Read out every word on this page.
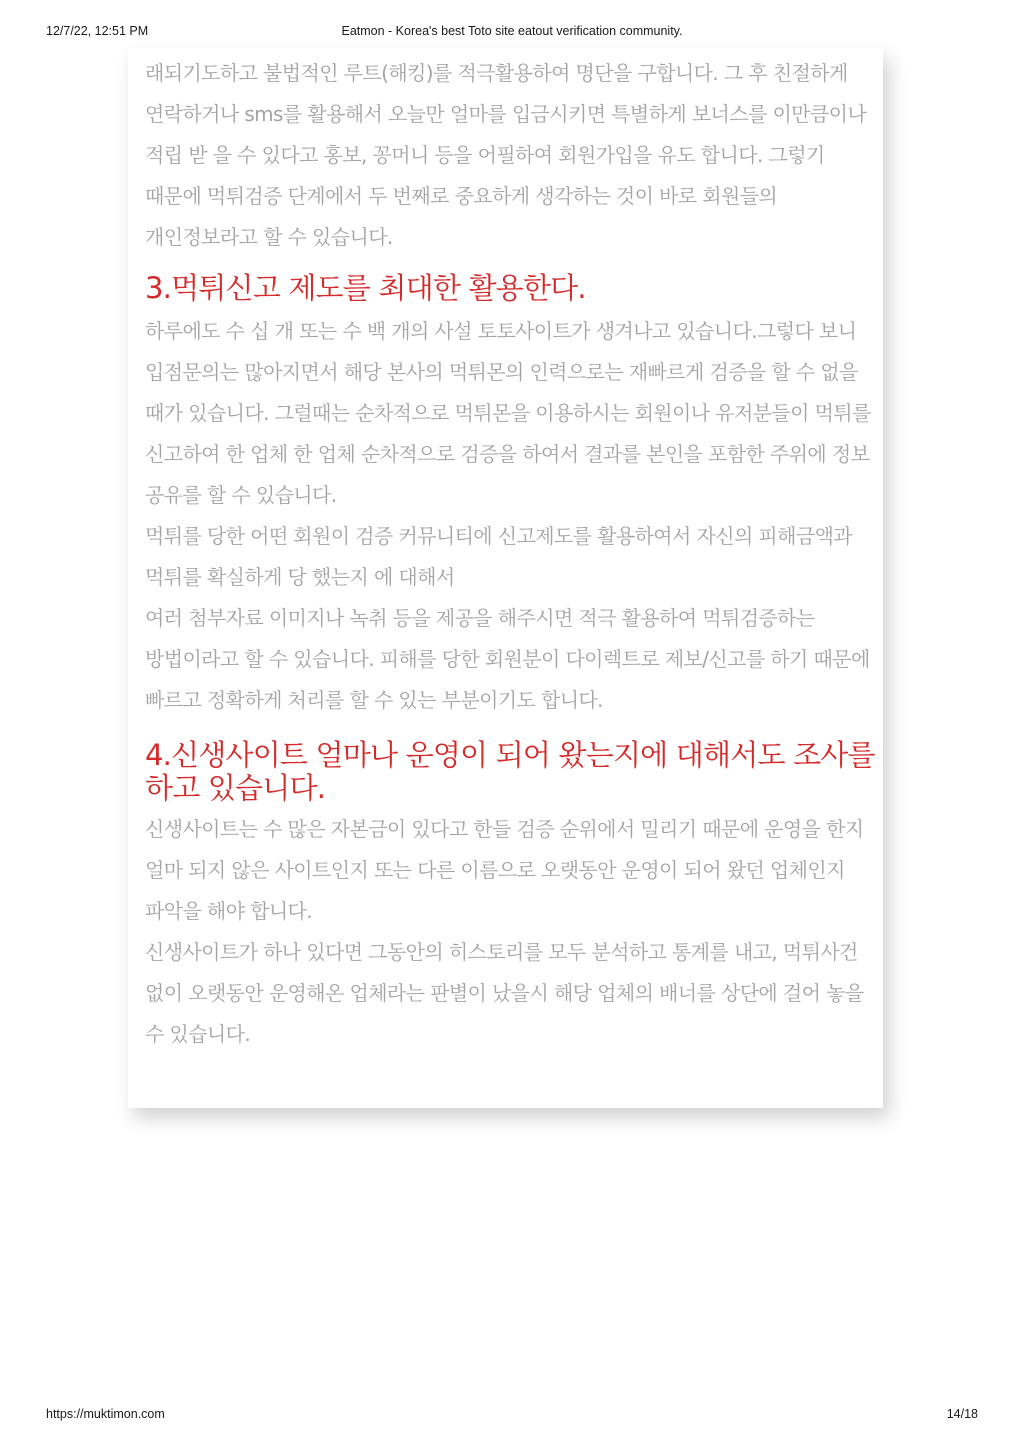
12/7/22, 12:51 PM	Eatmon - Korea's best Toto site eatout verification community.

래되기도하고 불법적인 루트(해킹)를 적극활용하여 명단을 구합니다. 그 후 친절하게 연락하거나 sms를 활용해서 오늘만 얼마를 입금시키면 특별하게 보너스를 이만큼이나 적립 받 을 수 있다고 홍보, 꽁머니 등을 어필하여 회원가입을 유도 합니다. 그렇기 때문에 먹튀검증 단계에서 두 번째로 중요하게 생각하는 것이 바로 회원들의 개인정보라고 할 수 있습니다.

3.먹튀신고 제도를 최대한 활용한다.

하루에도 수 십 개 또는 수 백 개의 사설 토토사이트가 생겨나고 있습니다.그렇다 보니 입점문의는 많아지면서 해당 본사의 먹튀몬의 인력으로는 재빠르게 검증을 할 수 없을 때가 있습니다. 그럴때는 순차적으로 먹튀몬을 이용하시는 회원이나 유저분들이 먹튀를 신고하여 한 업체 한 업체 순차적으로 검증을 하여서 결과를 본인을 포함한 주위에 정보 공유를 할 수 있습니다.

먹튀를 당한 어떤 회원이 검증 커뮤니티에 신고제도를 활용하여서 자신의 피해금액과 먹튀를 확실하게 당 했는지 에 대해서

여러 첨부자료 이미지나 녹취 등을 제공을 해주시면 적극 활용하여 먹튀검증하는 방법이라고 할 수 있습니다. 피해를 당한 회원분이 다이렉트로 제보/신고를 하기 때문에 빠르고 정확하게 처리를 할 수 있는 부분이기도 합니다.

4.신생사이트 얼마나 운영이 되어 왔는지에 대해서도 조사를 하고 있습니다.

신생사이트는 수 많은 자본금이 있다고 한들 검증 순위에서 밀리기 때문에 운영을 한지 얼마 되지 않은 사이트인지 또는 다른 이름으로 오랫동안 운영이 되어 왔던 업체인지 파악을 해야 합니다.

신생사이트가 하나 있다면 그동안의 히스토리를 모두 분석하고 통계를 내고, 먹튀사건 없이 오랫동안 운영해온 업체라는 판별이 났을시 해당 업체의 배너를 상단에 걸어 놓을 수 있습니다.

https://muktimon.com	14/18
